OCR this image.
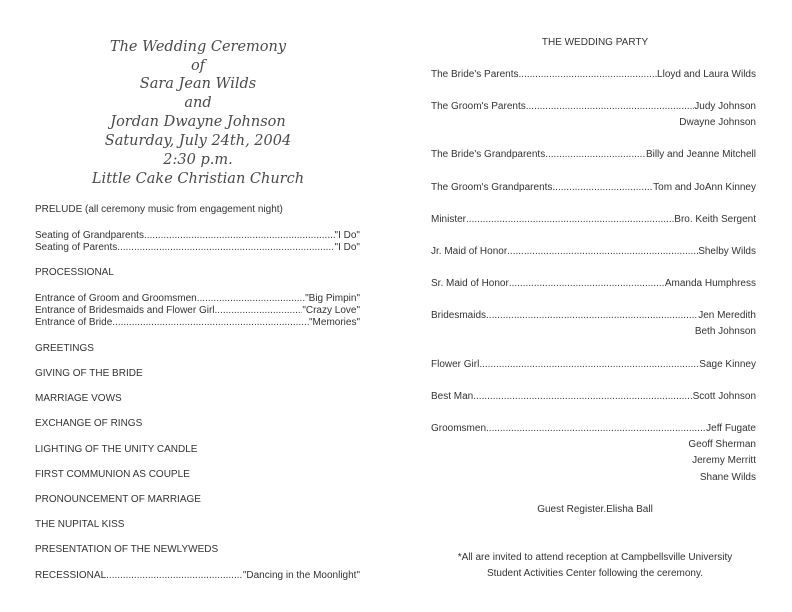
The Wedding Ceremony
of
Sara Jean Wilds
and
Jordan Dwayne Johnson
Saturday, July 24th, 2004
2:30 p.m.
Little Cake Christian Church
PRELUDE (all ceremony music from engagement night)
Seating of Grandparents .....	"I Do"
Seating of Parents .....	"I Do"
PROCESSIONAL
Entrance of Groom and Groomsmen .....	"Big Pimpin"
Entrance of Bridesmaids and Flower Girl .....	"Crazy Love"
Entrance of Bride .....	"Memories"
GREETINGS
GIVING OF THE BRIDE
MARRIAGE VOWS
EXCHANGE OF RINGS
LIGHTING OF THE UNITY CANDLE
FIRST COMMUNION AS COUPLE
PRONOUNCEMENT OF MARRIAGE
THE NUPITAL KISS
PRESENTATION OF THE NEWLYWEDS
RECESSIONAL .....	"Dancing in the Moonlight"
THE WEDDING PARTY
The Bride's Parents .....	Lloyd and Laura Wilds
The Groom's Parents .....	Judy Johnson
Dwayne Johnson
The Bride's Grandparents .....	Billy and Jeanne Mitchell
The Groom's Grandparents .....	Tom and JoAnn Kinney
Minister .....	Bro. Keith Sergent
Jr. Maid of Honor .....	Shelby Wilds
Sr. Maid of Honor .....	Amanda Humphress
Bridesmaids .....	Jen Meredith
Beth Johnson
Flower Girl .....	Sage Kinney
Best Man .....	Scott Johnson
Groomsmen .....	Jeff Fugate
Geoff Sherman
Jeremy Merritt
Shane Wilds
Guest Register.Elisha Ball
*All are invited to attend reception at Campbellsville University
Student Activities Center following the ceremony.
